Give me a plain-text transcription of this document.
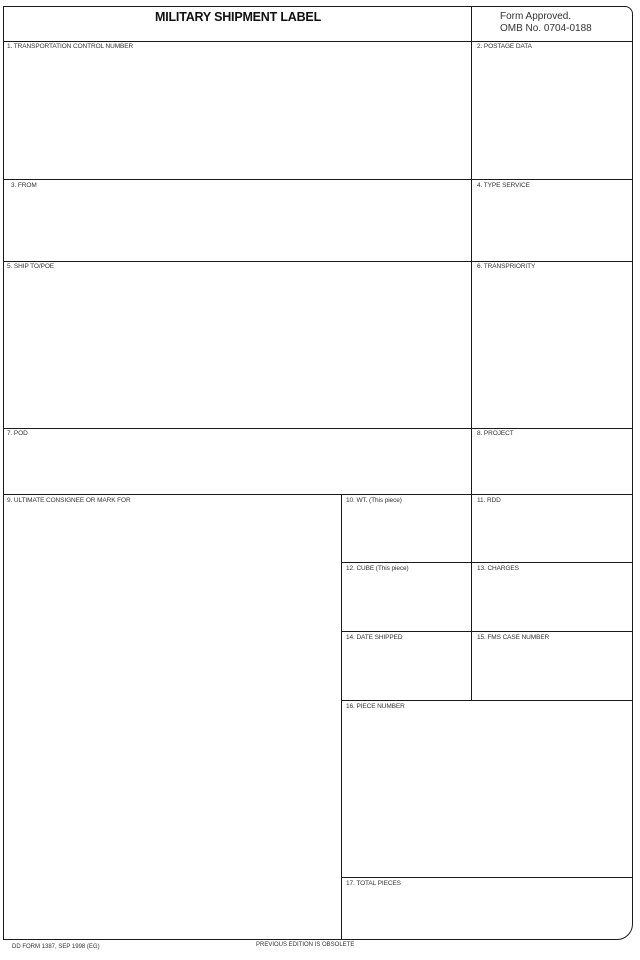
MILITARY SHIPMENT LABEL	Form Approved.
OMB No. 0704-0188
1. TRANSPORTATION CONTROL NUMBER	2. POSTAGE DATA
3. FROM	4. TYPE SERVICE
5. SHIP TO/POE	6. TRANSPRIORITY
7. POD	8. PROJECT
9. ULTIMATE CONSIGNEE OR MARK FOR	10. WT. (This piece)	11. RDD
12. CUBE (This piece)	13. CHARGES
14. DATE SHIPPED	15. FMS CASE NUMBER
16. PIECE NUMBER
17. TOTAL PIECES
DD FORM 1387, SEP 1998 (EG)	PREVIOUS EDITION IS OBSOLETE
